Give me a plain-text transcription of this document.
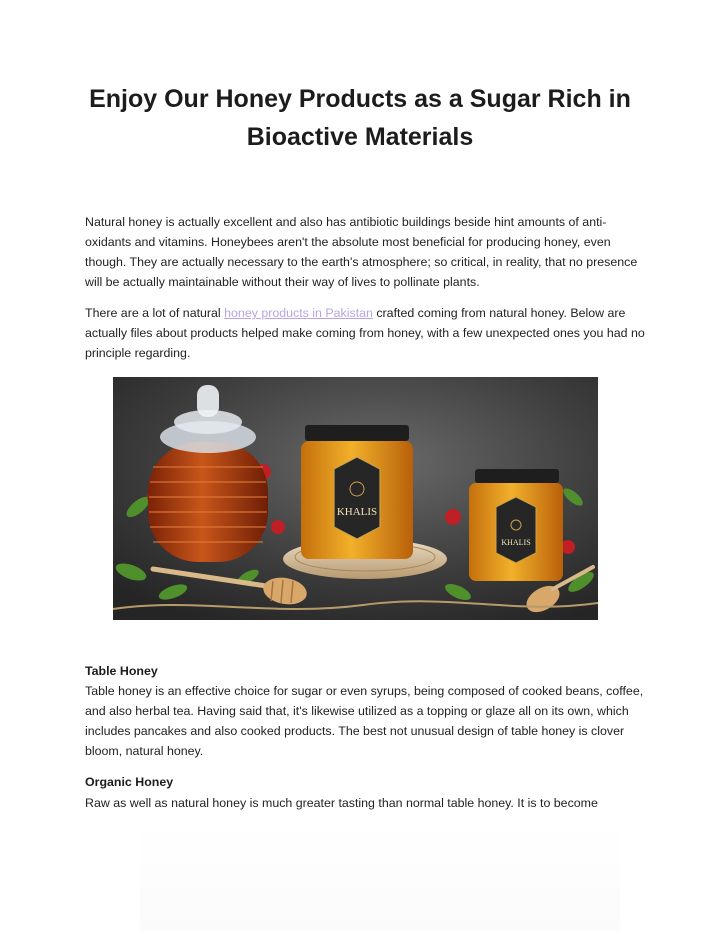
Enjoy Our Honey Products as a Sugar Rich in Bioactive Materials

Natural honey is actually excellent and also has antibiotic buildings beside hint amounts of anti-oxidants and vitamins. Honeybees aren't the absolute most beneficial for producing honey, even though. They are actually necessary to the earth's atmosphere; so critical, in reality, that no presence will be actually maintainable without their way of lives to pollinate plants.

There are a lot of natural honey products in Pakistan crafted coming from natural honey. Below are actually files about products helped make coming from honey, with a few unexpected ones you had no principle regarding.

KHALIS
KHALIS
Table Honey

Table honey is an effective choice for sugar or even syrups, being composed of cooked beans, coffee, and also herbal tea. Having said that, it's likewise utilized as a topping or glaze all on its own, which includes pancakes and also cooked products. The best not unusual design of table honey is clover bloom, natural honey.

Organic Honey

Raw as well as natural honey is much greater tasting than normal table honey. It is to become
